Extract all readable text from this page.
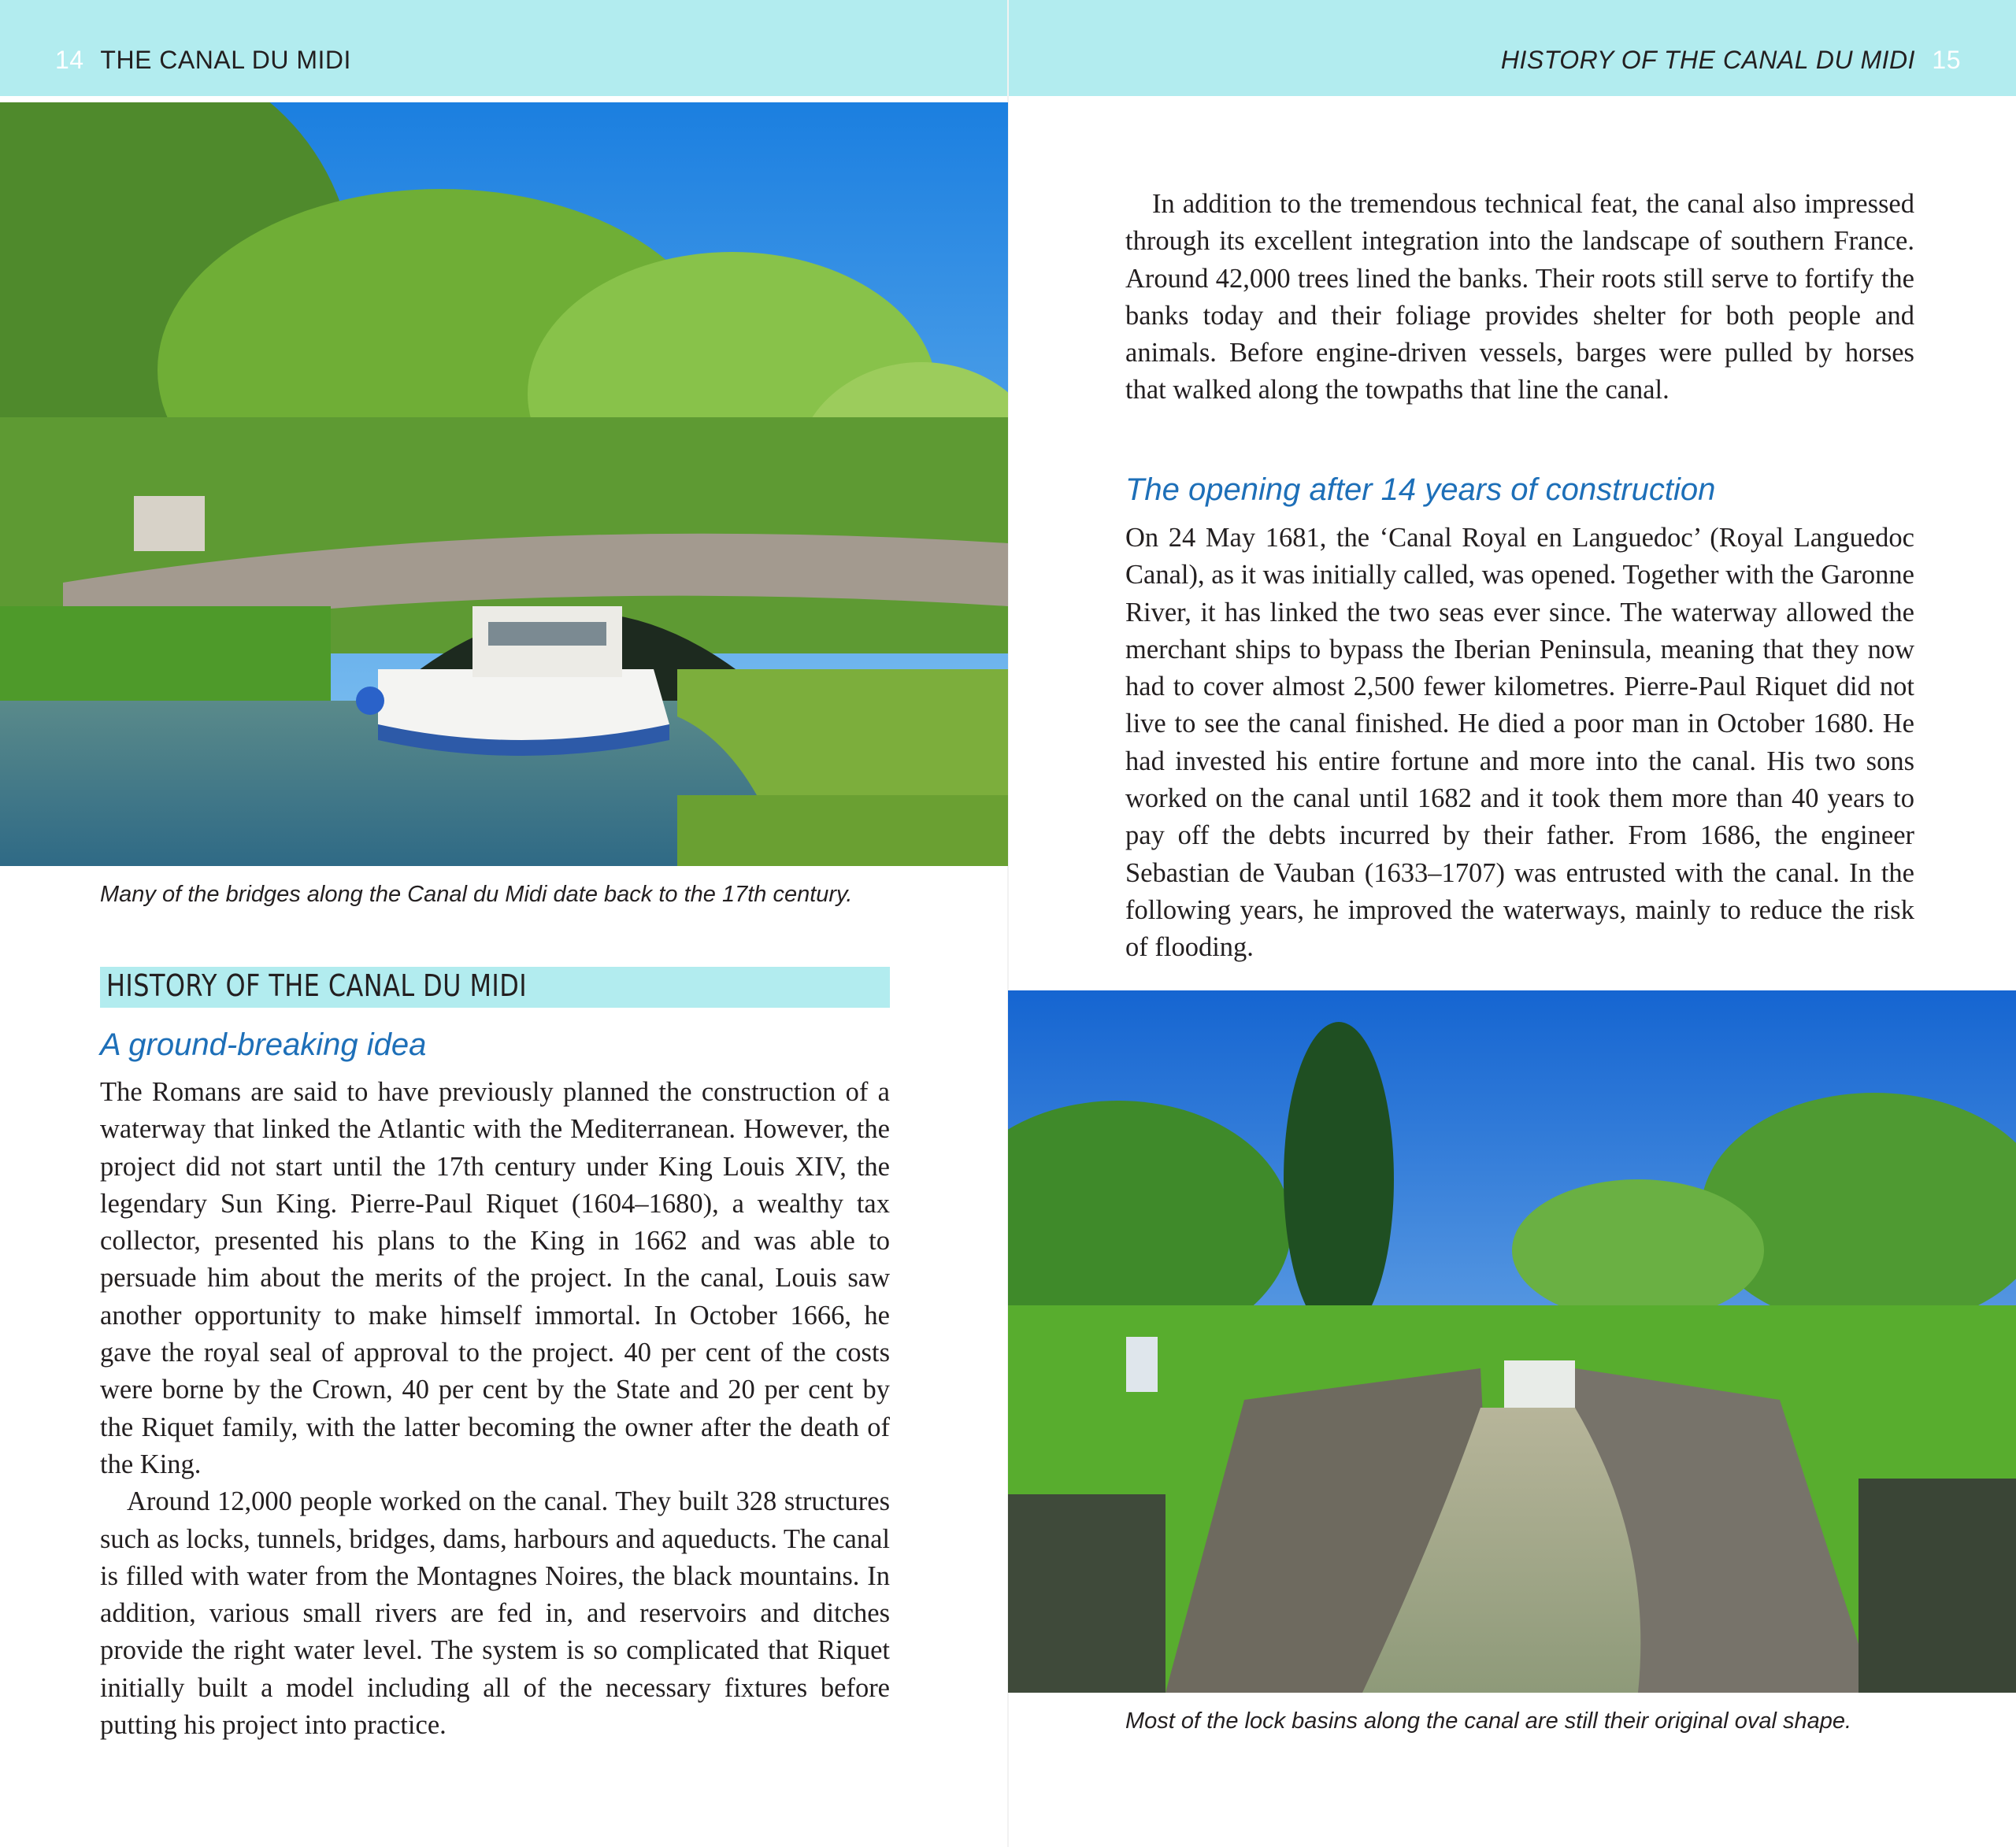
14 THE CANAL DU MIDI	HISTORY OF THE CANAL DU MIDI 15
Many of the bridges along the Canal du Midi date back to the 17th century.
HISTORY OF THE CANAL DU MIDI
A ground-breaking idea

The Romans are said to have previously planned the construction of a waterway that linked the Atlantic with the Mediterranean. However, the project did not start until the 17th century under King Louis XIV, the legendary Sun King. Pierre-Paul Riquet (1604–1680), a wealthy tax collector, presented his plans to the King in 1662 and was able to persuade him about the merits of the project. In the canal, Louis saw another opportunity to make himself immortal. In October 1666, he gave the royal seal of approval to the project. 40 per cent of the costs were borne by the Crown, 40 per cent by the State and 20 per cent by the Riquet family, with the latter becoming the owner after the death of the King.

Around 12,000 people worked on the canal. They built 328 structures such as locks, tunnels, bridges, dams, harbours and aqueducts. The canal is filled with water from the Montagnes Noires, the black mountains. In addition, various small rivers are fed in, and reservoirs and ditches provide the right water level. The system is so complicated that Riquet initially built a model including all of the necessary fixtures before putting his project into practice.

In addition to the tremendous technical feat, the canal also impressed through its excellent integration into the landscape of southern France. Around 42,000 trees lined the banks. Their roots still serve to fortify the banks today and their foliage provides shelter for both people and animals. Before engine-driven vessels, barges were pulled by horses that walked along the towpaths that line the canal.

The opening after 14 years of construction

On 24 May 1681, the ‘Canal Royal en Languedoc’ (Royal Languedoc Canal), as it was initially called, was opened. Together with the Garonne River, it has linked the two seas ever since. The waterway allowed the merchant ships to bypass the Iberian Peninsula, meaning that they now had to cover almost 2,500 fewer kilometres. Pierre-Paul Riquet did not live to see the canal finished. He died a poor man in October 1680. He had invested his entire fortune and more into the canal. His two sons worked on the canal until 1682 and it took them more than 40 years to pay off the debts incurred by their father. From 1686, the engineer Sebastian de Vauban (1633–1707) was entrusted with the canal. In the following years, he improved the waterways, mainly to reduce the risk of flooding.

Most of the lock basins along the canal are still their original oval shape.
